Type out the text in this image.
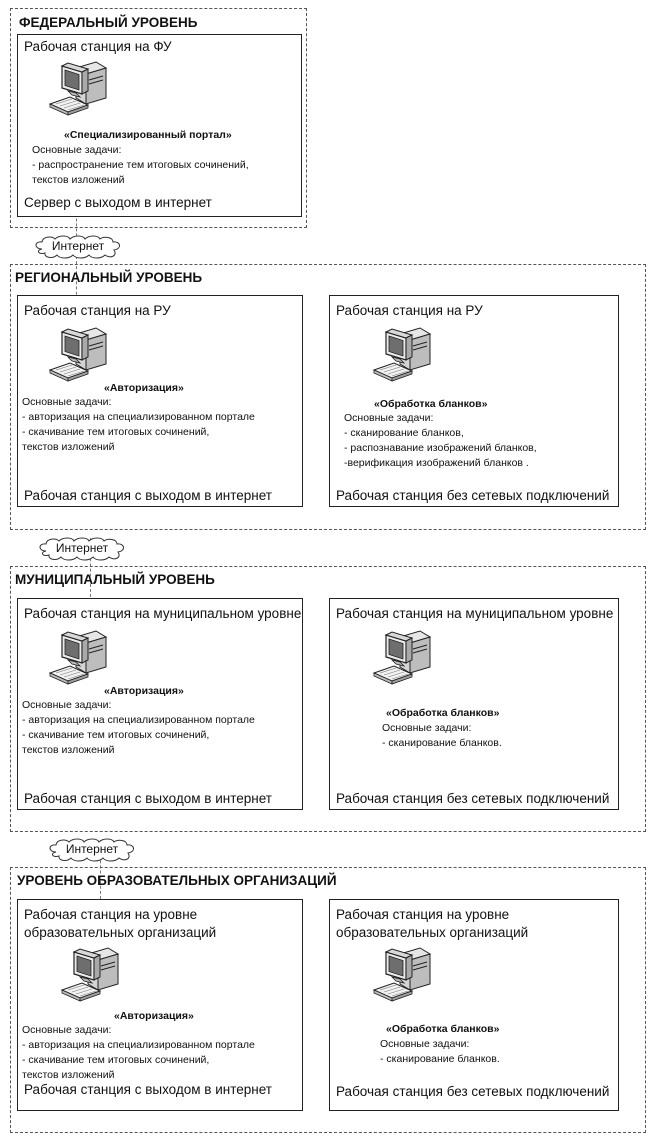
ФЕДЕРАЛЬНЫЙ УРОВЕНЬ
Рабочая станция на ФУ
«Специализированный портал»
Основные задачи:
- распространение тем итоговых сочинений,
текстов изложений
Сервер с выходом в интернет
Интернет
РЕГИОНАЛЬНЫЙ УРОВЕНЬ
Рабочая станция на РУ
«Авторизация»
Основные задачи:
- авторизация на специализированном портале
- скачивание тем итоговых сочинений,
текстов изложений
Рабочая станция с выходом в интернет
Рабочая станция на РУ
«Обработка бланков»
Основные задачи:
- сканирование бланков,
- распознавание изображений бланков,
-верификация изображений бланков .
Рабочая станция без сетевых подключений
Интернет
МУНИЦИПАЛЬНЫЙ УРОВЕНЬ
Рабочая станция на муниципальном уровне
«Авторизация»
Основные задачи:
- авторизация на специализированном портале
- скачивание тем итоговых сочинений,
текстов изложений
Рабочая станция с выходом в интернет
Рабочая станция на муниципальном уровне
«Обработка бланков»
Основные задачи:
- сканирование бланков.
Рабочая станция без сетевых подключений
Интернет
УРОВЕНЬ ОБРАЗОВАТЕЛЬНЫХ ОРГАНИЗАЦИЙ
Рабочая станция на уровне
образовательных организаций
«Авторизация»
Основные задачи:
- авторизация на специализированном портале
- скачивание тем итоговых сочинений,
текстов изложений
Рабочая станция с выходом в интернет
Рабочая станция на уровне
образовательных организаций
«Обработка бланков»
Основные задачи:
- сканирование бланков.
Рабочая станция без сетевых подключений
